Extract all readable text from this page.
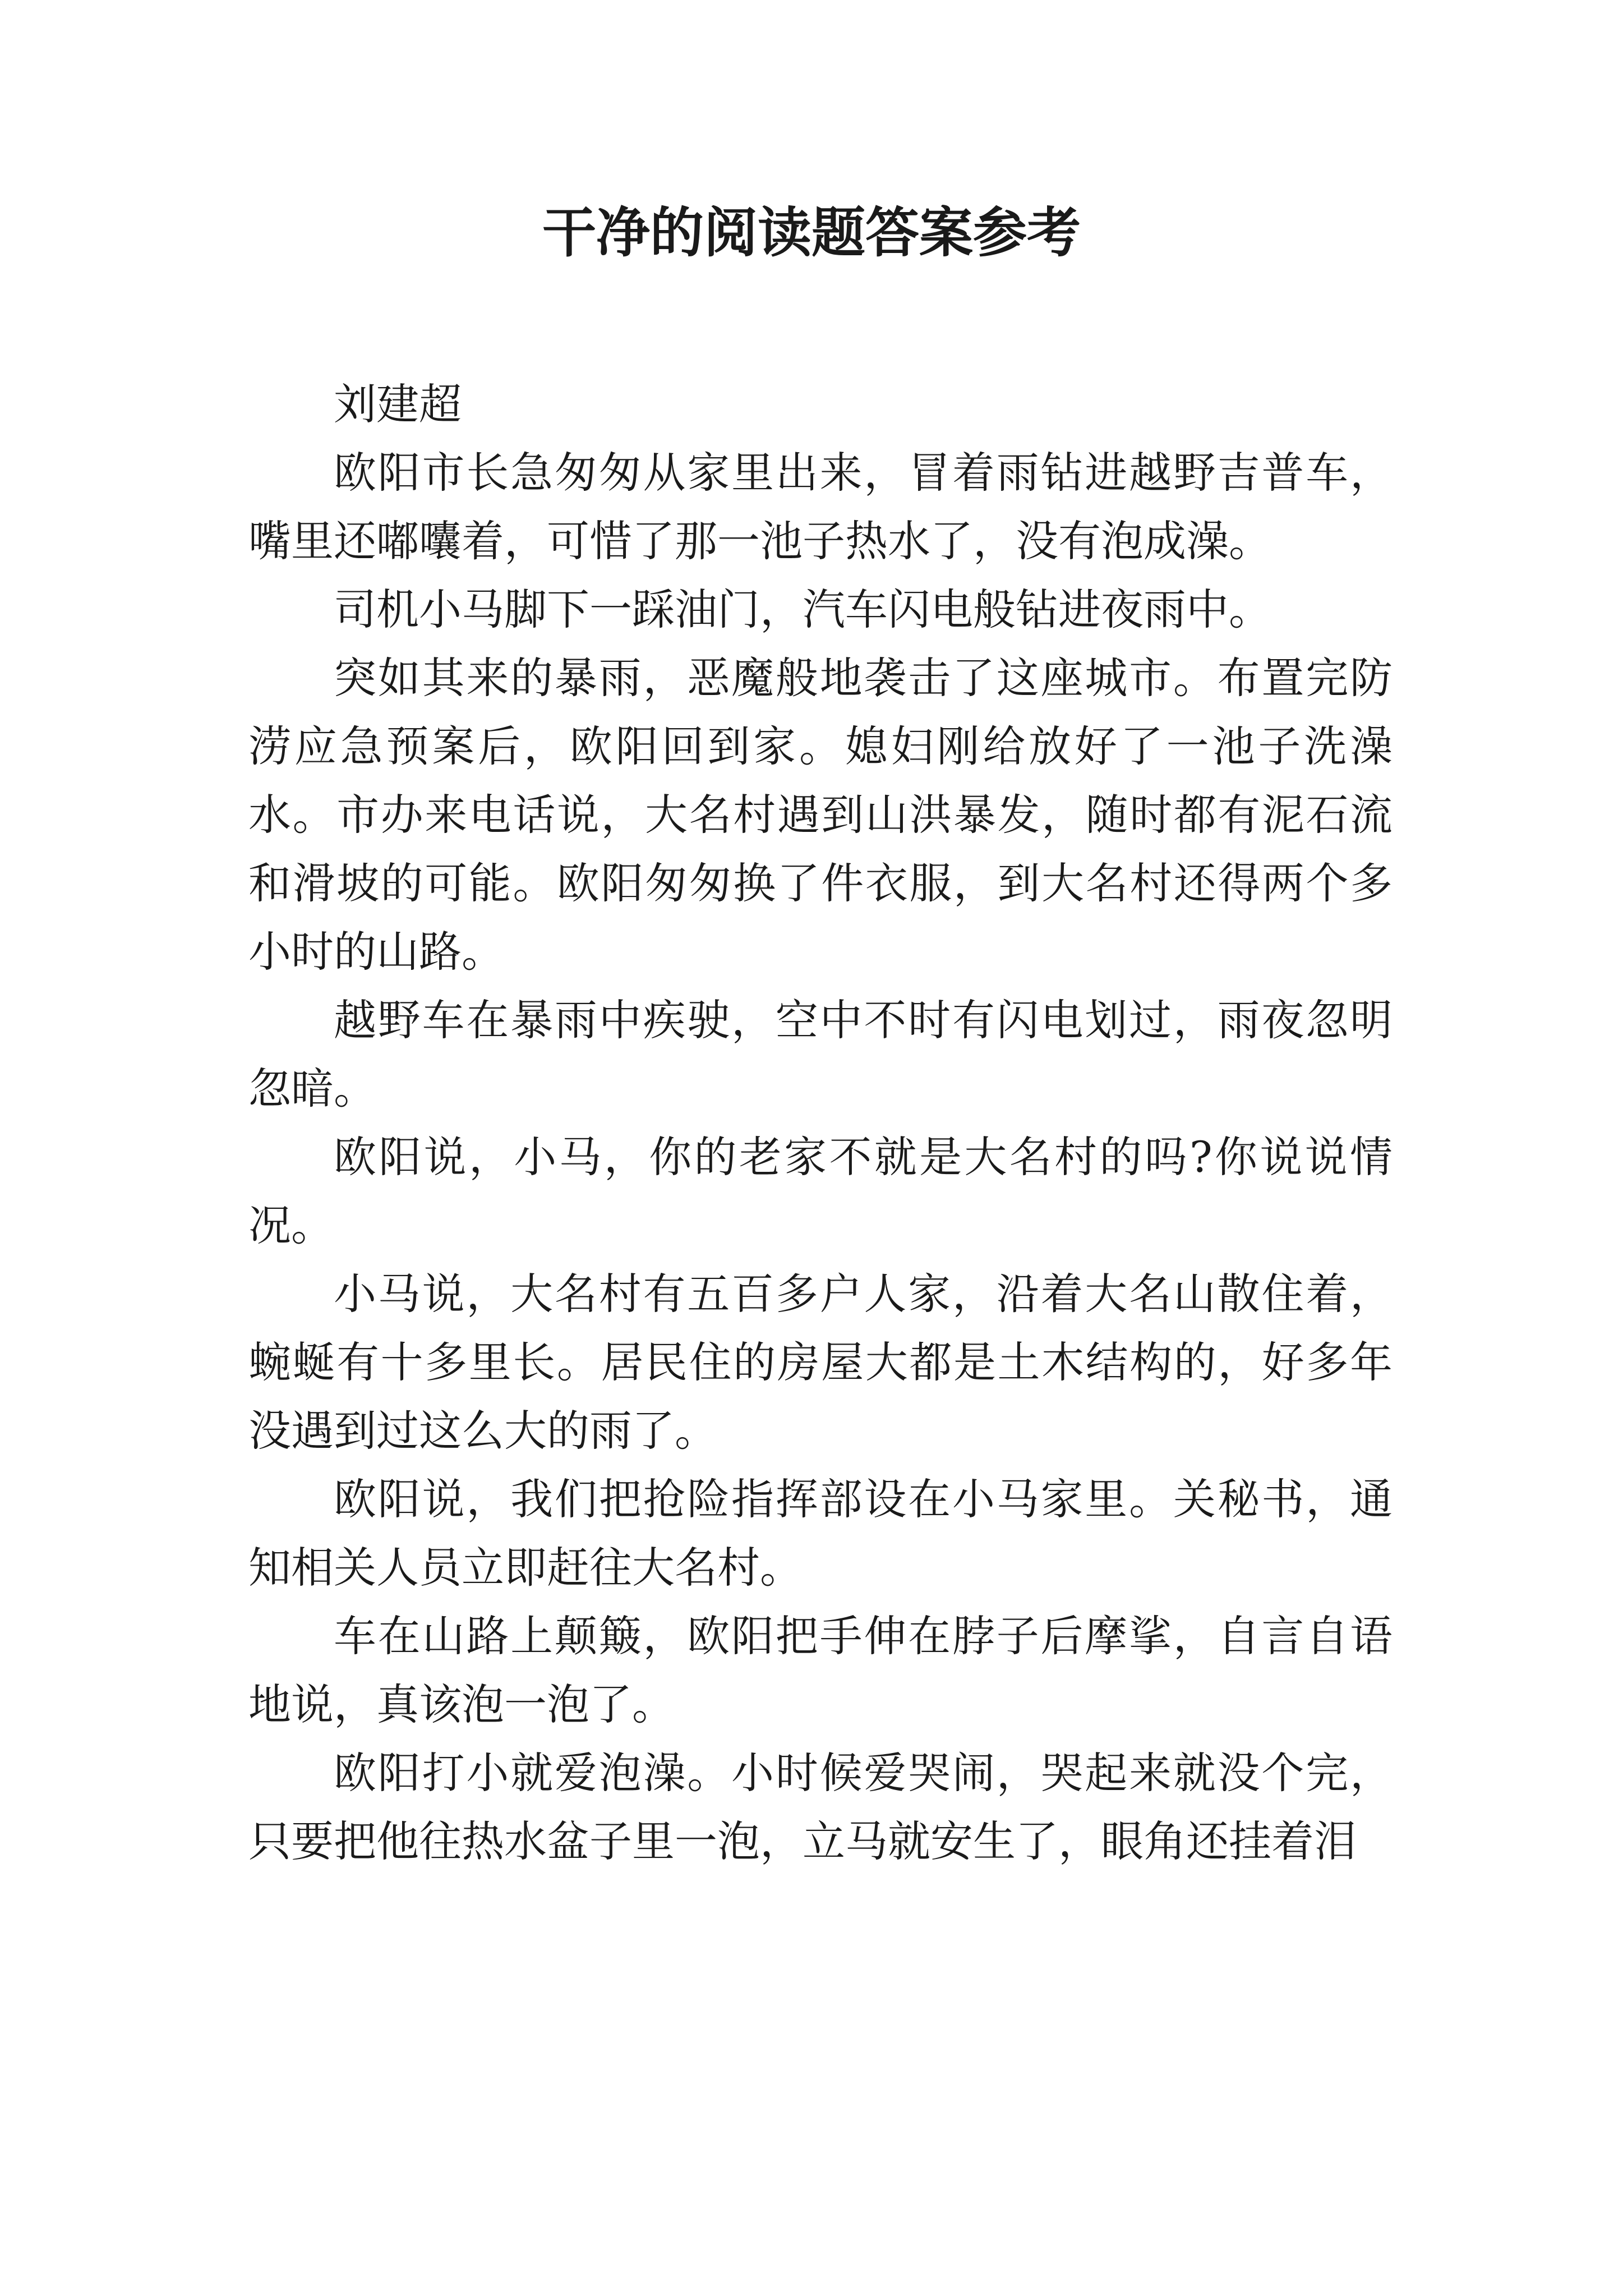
干净的阅读题答案参考

刘建超

欧阳市长急匆匆从家里出来，冒着雨钻进越野吉普车，嘴里还嘟囔着，可惜了那一池子热水了，没有泡成澡。

司机小马脚下一踩油门，汽车闪电般钻进夜雨中。

突如其来的暴雨，恶魔般地袭击了这座城市。布置完防涝应急预案后，欧阳回到家。媳妇刚给放好了一池子洗澡水。市办来电话说，大名村遇到山洪暴发，随时都有泥石流和滑坡的可能。欧阳匆匆换了件衣服，到大名村还得两个多小时的山路。

越野车在暴雨中疾驶，空中不时有闪电划过，雨夜忽明忽暗。

欧阳说，小马，你的老家不就是大名村的吗?你说说情况。

小马说，大名村有五百多户人家，沿着大名山散住着，蜿蜒有十多里长。居民住的房屋大都是土木结构的，好多年没遇到过这么大的雨了。

欧阳说，我们把抢险指挥部设在小马家里。关秘书，通知相关人员立即赶往大名村。

车在山路上颠簸，欧阳把手伸在脖子后摩挲，自言自语地说，真该泡一泡了。

欧阳打小就爱泡澡。小时候爱哭闹，哭起来就没个完，只要把他往热水盆子里一泡，立马就安生了，眼角还挂着泪
